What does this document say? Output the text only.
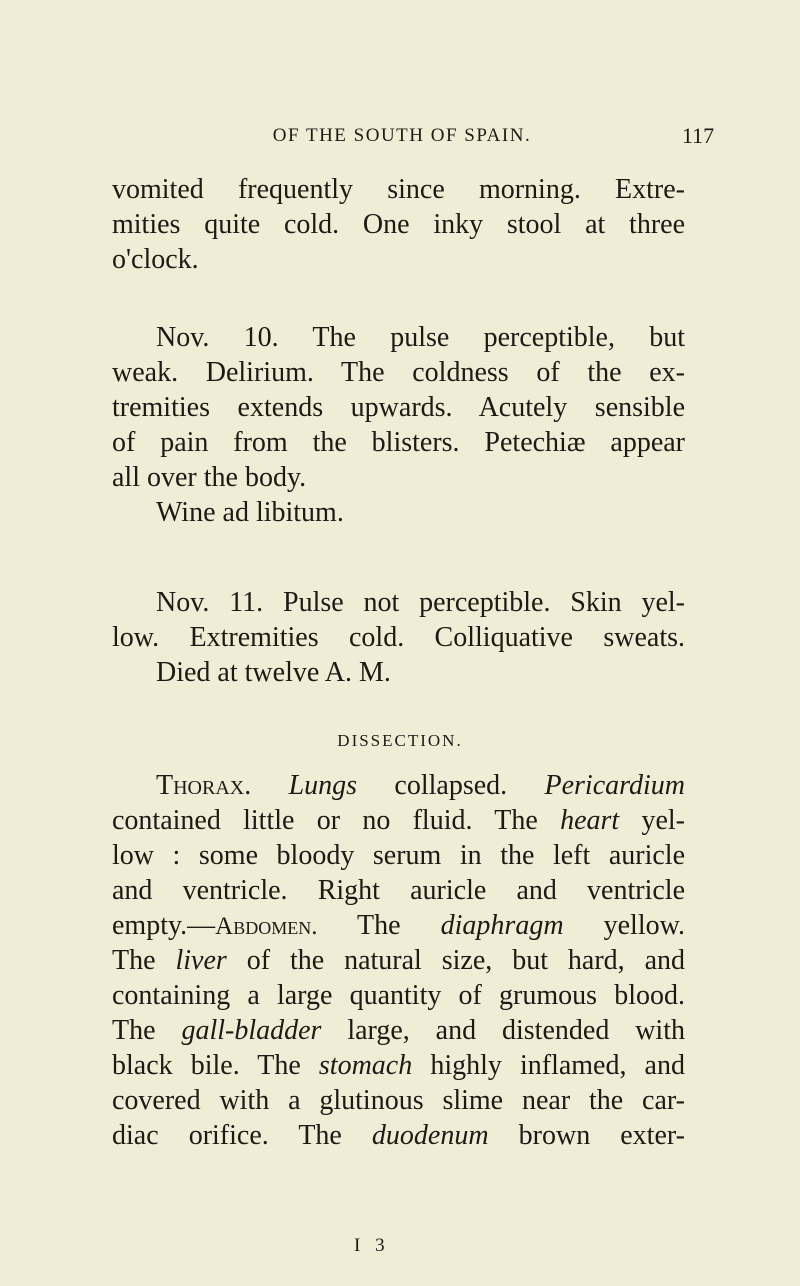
OF THE SOUTH OF SPAIN.	117
vomited frequently since morning. Extre-
mities quite cold. One inky stool at three
o'clock.
Nov. 10. The pulse perceptible, but
weak. Delirium. The coldness of the ex-
tremities extends upwards. Acutely sensible
of pain from the blisters. Petechiæ appear
all over the body.
Wine ad libitum.
Nov. 11. Pulse not perceptible. Skin yel-
low. Extremities cold. Colliquative sweats.
Died at twelve A. M.
DISSECTION.
Thorax. Lungs collapsed. Pericardium
contained little or no fluid. The heart yel-
low : some bloody serum in the left auricle
and ventricle. Right auricle and ventricle
empty.—Abdomen. The diaphragm yellow.
The liver of the natural size, but hard, and
containing a large quantity of grumous blood.
The gall-bladder large, and distended with
black bile. The stomach highly inflamed, and
covered with a glutinous slime near the car-
diac orifice. The duodenum brown exter-
I 3
